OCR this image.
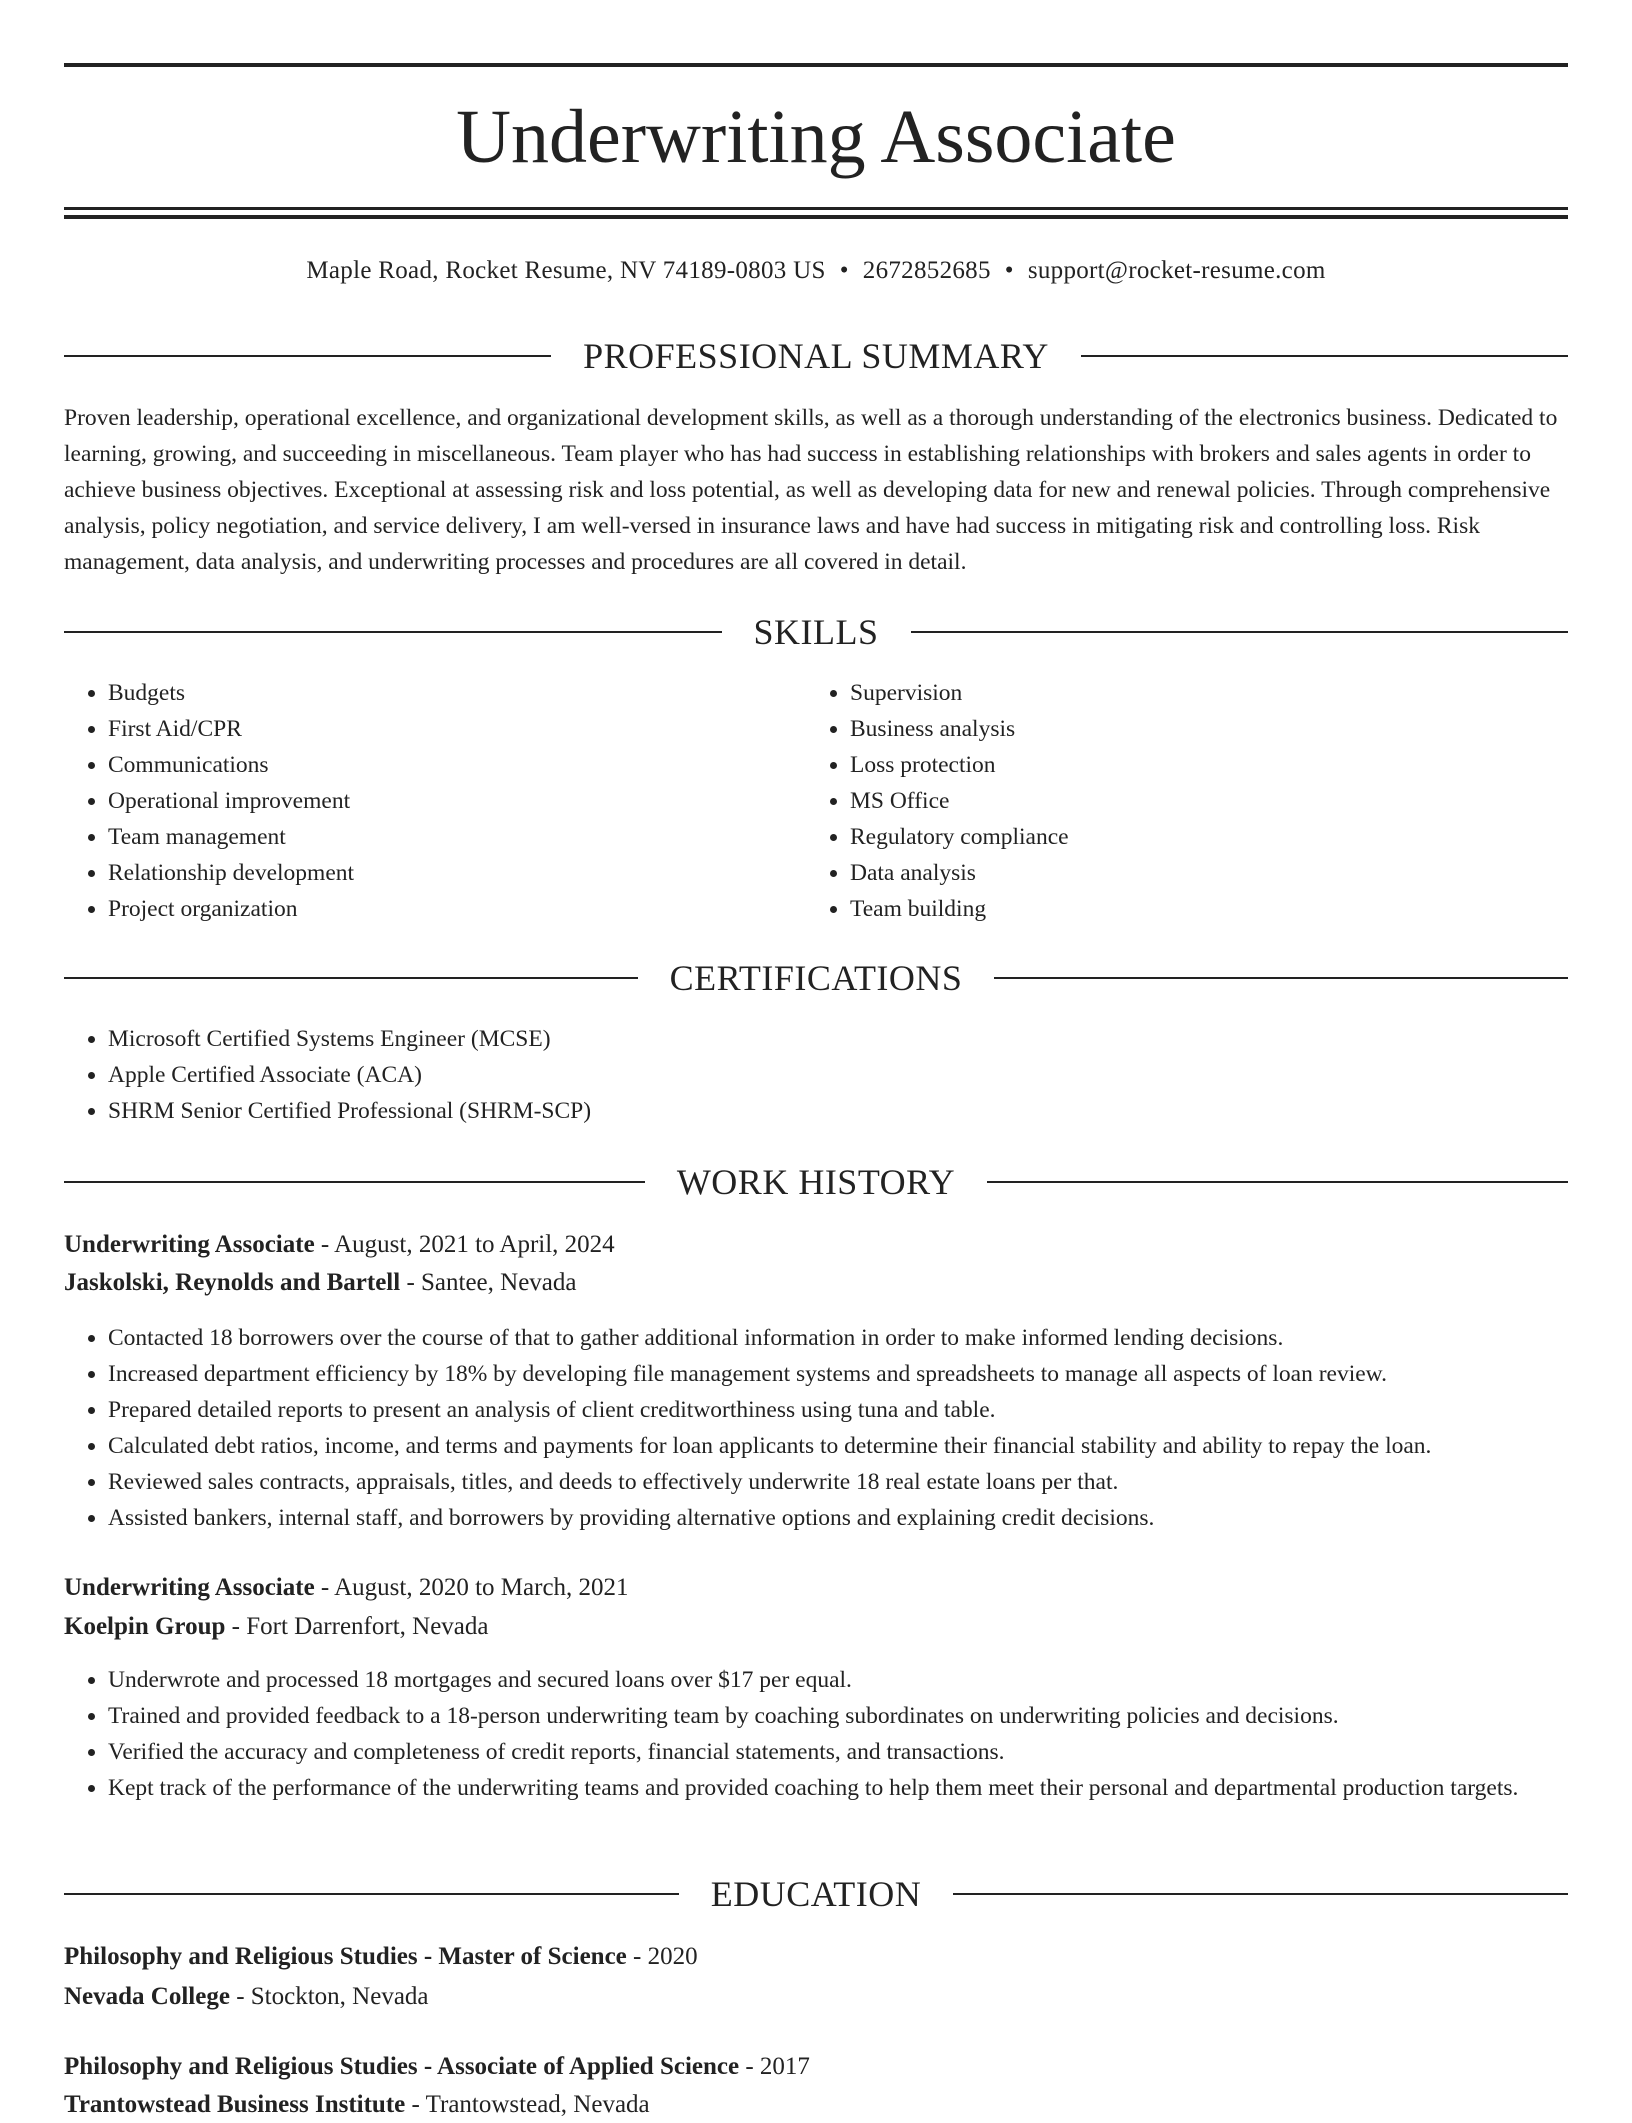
Underwriting Associate
Maple Road, Rocket Resume, NV 74189-0803 US • 2672852685 • support@rocket-resume.com
PROFESSIONAL SUMMARY

Proven leadership, operational excellence, and organizational development skills, as well as a thorough understanding of the electronics business. Dedicated to learning, growing, and succeeding in miscellaneous. Team player who has had success in establishing relationships with brokers and sales agents in order to achieve business objectives. Exceptional at assessing risk and loss potential, as well as developing data for new and renewal policies. Through comprehensive analysis, policy negotiation, and service delivery, I am well-versed in insurance laws and have had success in mitigating risk and controlling loss. Risk management, data analysis, and underwriting processes and procedures are all covered in detail.

SKILLS
• Budgets
• First Aid/CPR
• Communications
• Operational improvement
• Team management
• Relationship development
• Project organization
• Supervision
• Business analysis
• Loss protection
• MS Office
• Regulatory compliance
• Data analysis
• Team building
CERTIFICATIONS
• Microsoft Certified Systems Engineer (MCSE)
• Apple Certified Associate (ACA)
• SHRM Senior Certified Professional (SHRM-SCP)
WORK HISTORY
Underwriting Associate - August, 2021 to April, 2024
Jaskolski, Reynolds and Bartell - Santee, Nevada
• Contacted 18 borrowers over the course of that to gather additional information in order to make informed lending decisions.
• Increased department efficiency by 18% by developing file management systems and spreadsheets to manage all aspects of loan review.
• Prepared detailed reports to present an analysis of client creditworthiness using tuna and table.
• Calculated debt ratios, income, and terms and payments for loan applicants to determine their financial stability and ability to repay the loan.
• Reviewed sales contracts, appraisals, titles, and deeds to effectively underwrite 18 real estate loans per that.
• Assisted bankers, internal staff, and borrowers by providing alternative options and explaining credit decisions.
Underwriting Associate - August, 2020 to March, 2021
Koelpin Group - Fort Darrenfort, Nevada
• Underwrote and processed 18 mortgages and secured loans over $17 per equal.
• Trained and provided feedback to a 18-person underwriting team by coaching subordinates on underwriting policies and decisions.
• Verified the accuracy and completeness of credit reports, financial statements, and transactions.
• Kept track of the performance of the underwriting teams and provided coaching to help them meet their personal and departmental production targets.
EDUCATION
Philosophy and Religious Studies - Master of Science - 2020
Nevada College - Stockton, Nevada
Philosophy and Religious Studies - Associate of Applied Science - 2017
Trantowstead Business Institute - Trantowstead, Nevada
